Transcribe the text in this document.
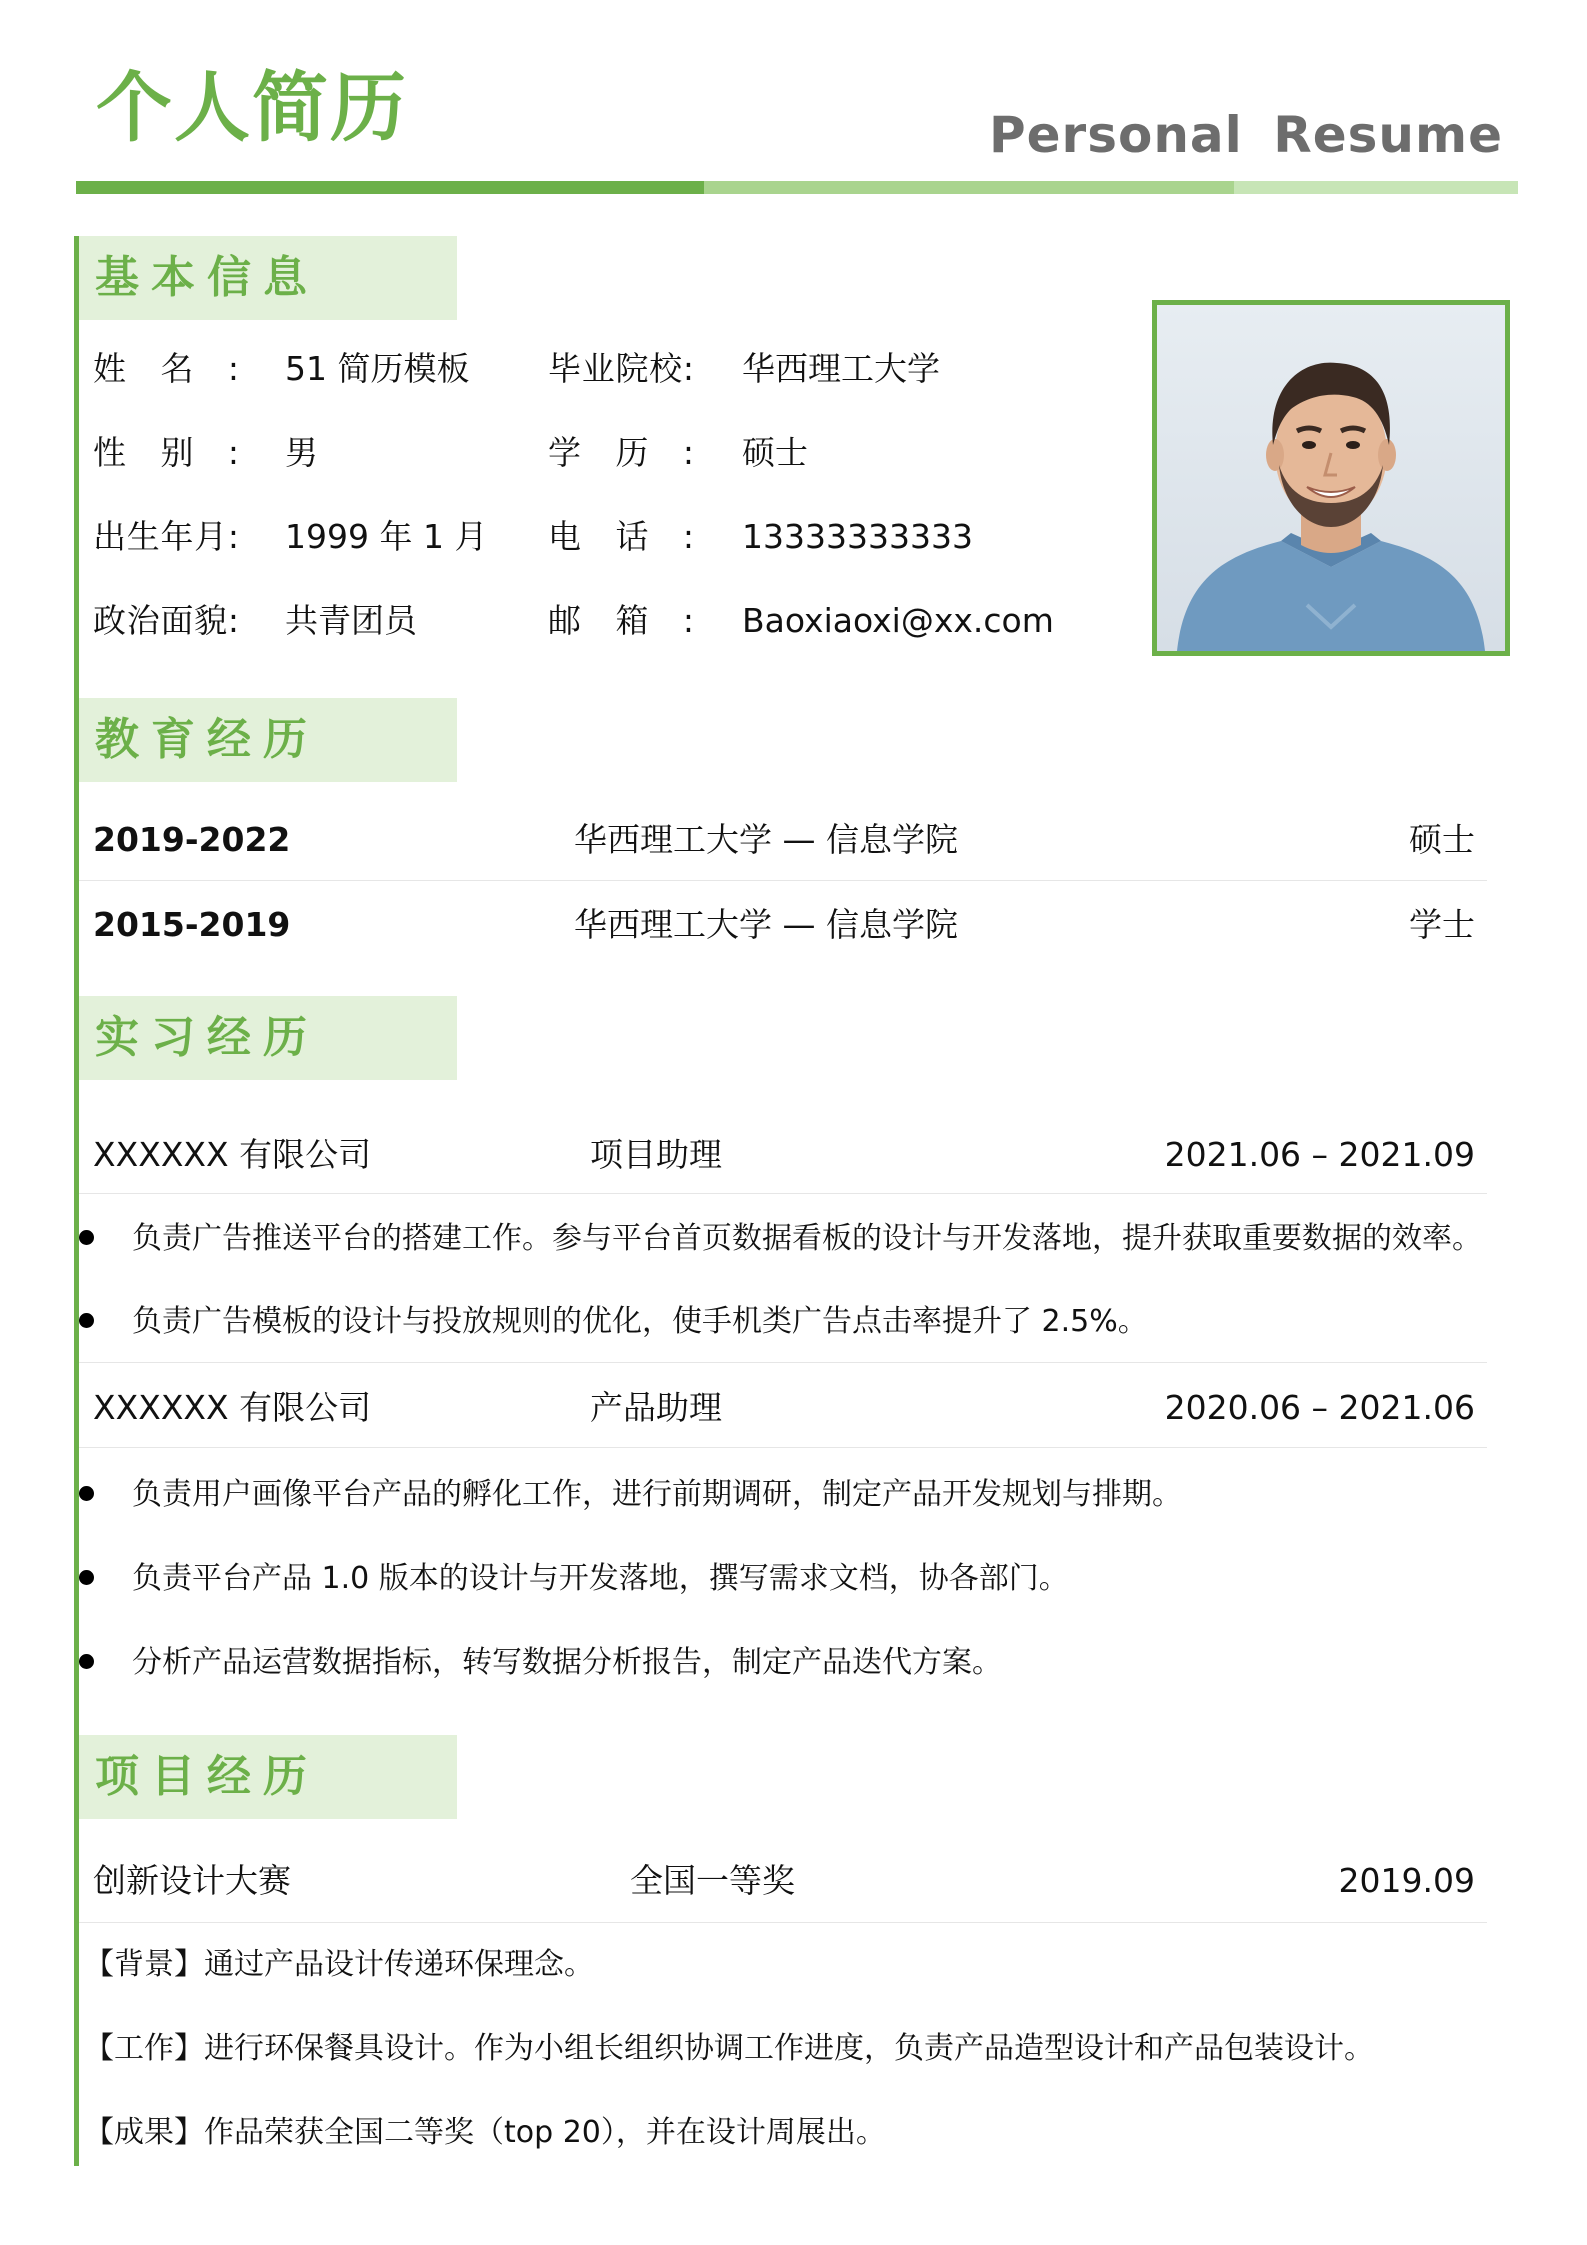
个人简历	Personal Resume
基本信息
姓名: 51 简历模板
性别: 男
出生年月: 1999 年 1 月
政治面貌: 共青团员
毕业院校: 华西理工大学
学历: 硕士
电话: 13333333333
邮箱: Baoxiaoxi@xx.com
教育经历
2019-2022	华西理工大学 — 信息学院	硕士
2015-2019	华西理工大学 — 信息学院	学士
实习经历
XXXXXX 有限公司	项目助理	2021.06 – 2021.09
负责广告推送平台的搭建工作。参与平台首页数据看板的设计与开发落地，提升获取重要数据的效率。
负责广告模板的设计与投放规则的优化，使手机类广告点击率提升了 2.5%。
XXXXXX 有限公司	产品助理	2020.06 – 2021.06
负责用户画像平台产品的孵化工作，进行前期调研，制定产品开发规划与排期。
负责平台产品 1.0 版本的设计与开发落地，撰写需求文档，协各部门。
分析产品运营数据指标，转写数据分析报告，制定产品迭代方案。
项目经历
创新设计大赛	全国一等奖	2019.09
【背景】通过产品设计传递环保理念。
【工作】进行环保餐具设计。作为小组长组织协调工作进度，负责产品造型设计和产品包装设计。
【成果】作品荣获全国二等奖（top 20），并在设计周展出。
